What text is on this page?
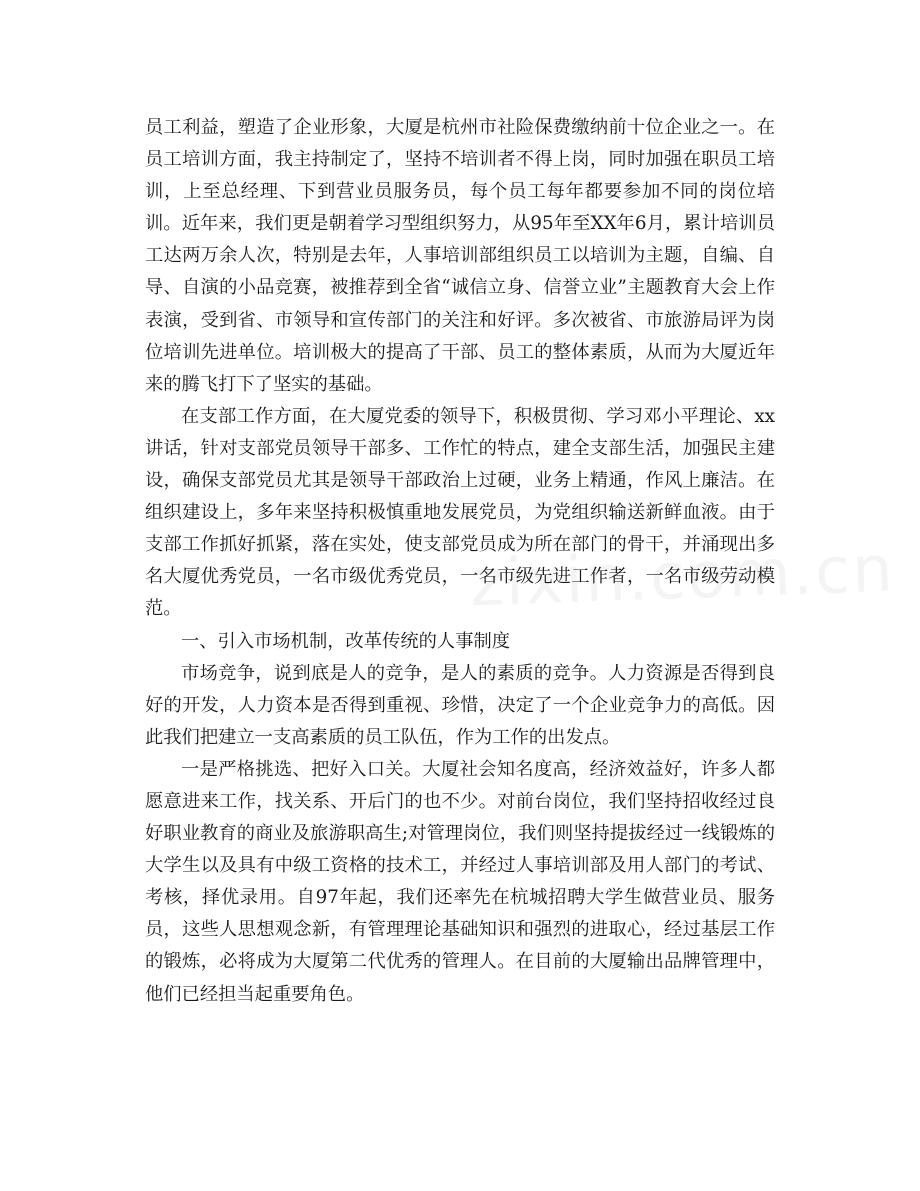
员工利益，塑造了企业形象，大厦是杭州市社险保费缴纳前十位企业之一。在员工培训方面，我主持制定了，坚持不培训者不得上岗，同时加强在职员工培训，上至总经理、下到营业员服务员，每个员工每年都要参加不同的岗位培训。近年来，我们更是朝着学习型组织努力，从95年至XX年6月，累计培训员工达两万余人次，特别是去年，人事培训部组织员工以培训为主题，自编、自导、自演的小品竞赛，被推荐到全省“诚信立身、信誉立业”主题教育大会上作表演，受到省、市领导和宣传部门的关注和好评。多次被省、市旅游局评为岗位培训先进单位。培训极大的提高了干部、员工的整体素质，从而为大厦近年来的腾飞打下了坚实的基础。

在支部工作方面，在大厦党委的领导下，积极贯彻、学习邓小平理论、xx讲话，针对支部党员领导干部多、工作忙的特点，建全支部生活，加强民主建设，确保支部党员尤其是领导干部政治上过硬，业务上精通，作风上廉洁。在组织建设上，多年来坚持积极慎重地发展党员，为党组织输送新鲜血液。由于支部工作抓好抓紧，落在实处，使支部党员成为所在部门的骨干，并涌现出多名大厦优秀党员，一名市级优秀党员，一名市级先进工作者，一名市级劳动模范。

一、引入市场机制，改革传统的人事制度

市场竞争，说到底是人的竞争，是人的素质的竞争。人力资源是否得到良好的开发，人力资本是否得到重视、珍惜，决定了一个企业竞争力的高低。因此我们把建立一支高素质的员工队伍，作为工作的出发点。

一是严格挑选、把好入口关。大厦社会知名度高，经济效益好，许多人都愿意进来工作，找关系、开后门的也不少。对前台岗位，我们坚持招收经过良好职业教育的商业及旅游职高生;对管理岗位，我们则坚持提拔经过一线锻炼的大学生以及具有中级工资格的技术工，并经过人事培训部及用人部门的考试、考核，择优录用。自97年起，我们还率先在杭城招聘大学生做营业员、服务员，这些人思想观念新，有管理理论基础知识和强烈的进取心，经过基层工作的锻炼，必将成为大厦第二代优秀的管理人。在目前的大厦输出品牌管理中，他们已经担当起重要角色。
